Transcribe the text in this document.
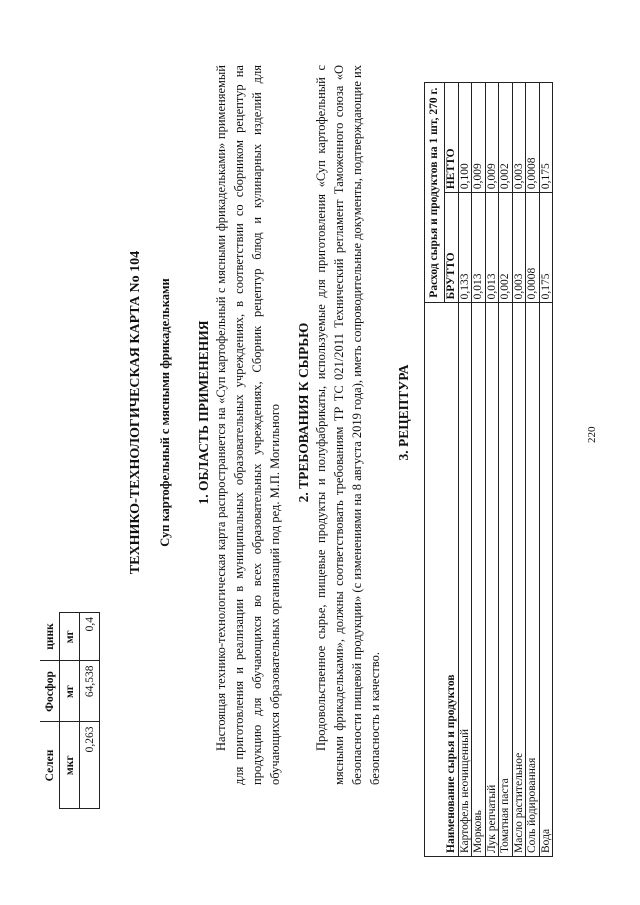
Селен	Фосфор	цинк
мкг	мг	мг
0,263	64,538	0,4
ТЕХНИКО-ТЕХНОЛОГИЧЕСКАЯ КАРТА No 104 Суп картофельный с мясными фрикадельками 1. ОБЛАСТЬ ПРИМЕНЕНИЯ Настоящая технико-технологическая карта распространяется на «Суп картофельный с мясными фрикадельками» применяемый для приготовления и реализации в муниципальных образовательных учреждениях, в соответствии со сборником рецептур на продукцию для обучающихся во всех образовательных учреждениях, Сборник рецептур блюд и кулинарных изделий для обучающихся образовательных организаций под ред. М.П. Могильного 2. ТРЕБОВАНИЯ К СЫРЬЮ Продовольственное сырье, пищевые продукты и полуфабрикаты, используемые для приготовления «Суп картофельный с мясными фрикадельками», должны соответствовать требованиям ТР ТС 021/2011 Технический регламент Таможенного союза «О безопасности пищевой продукции» (с изменениями на 8 августа 2019 года), иметь сопроводительные документы, подтверждающие их безопасность и качество.

3. РЕЦЕПТУРА
Наименование сырья и продуктов	Расход сырья и продуктов на 1 шт, 270 г.	
	БРУТТО	НЕТТО
Картофель неочищенный	0,133	0,100
Морковь	0,013	0,009
Лук репчатый	0,013	0,009
Томатная паста	0,002	0,002
Масло растительное	0,003	0,003
Соль йодированная	0,0008	0,0008
Вода	0,175	0,175
220
